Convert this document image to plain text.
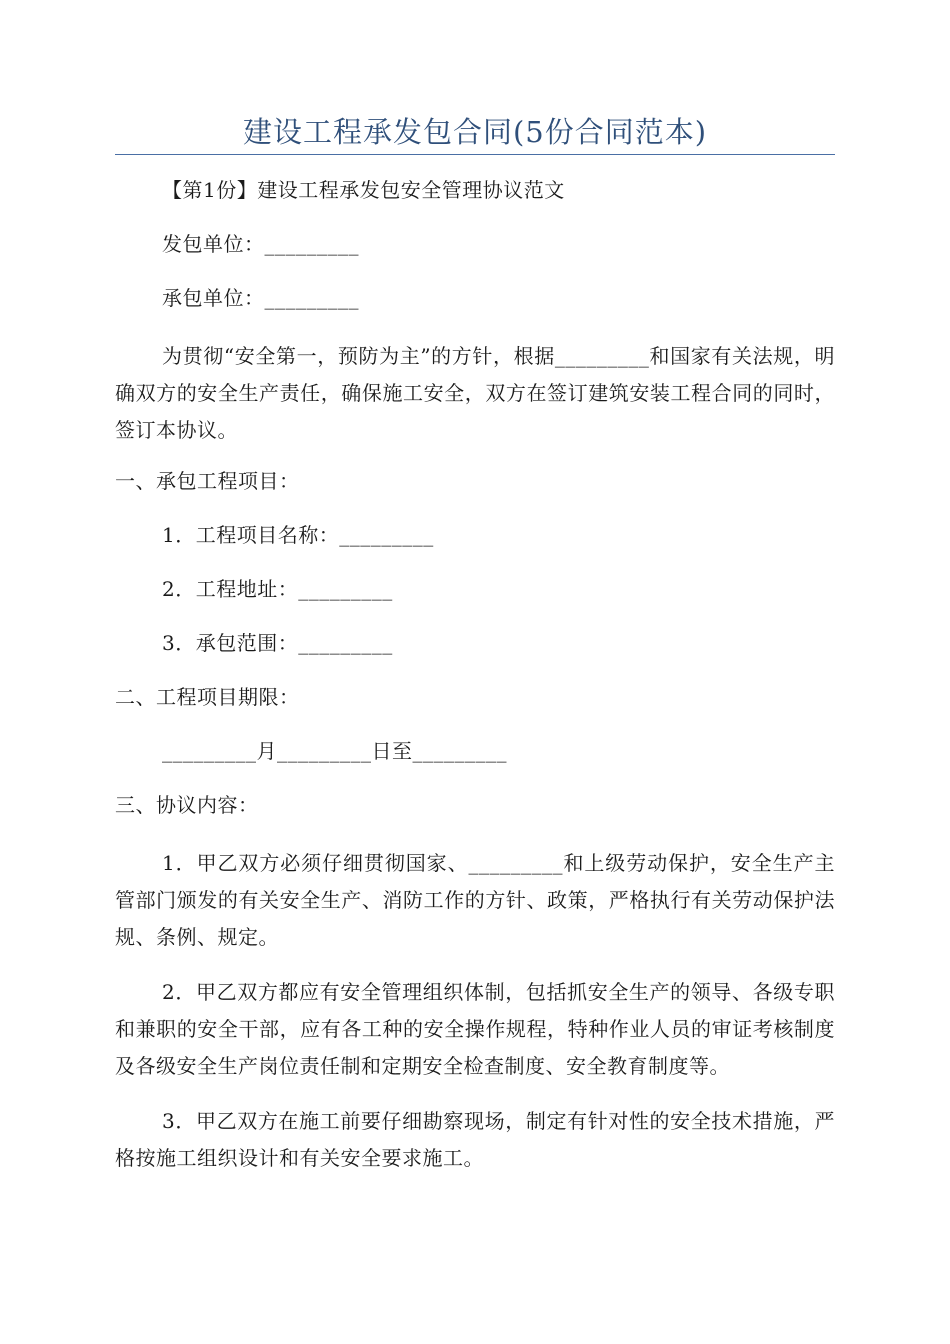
建设工程承发包合同(5份合同范本)

【第1份】建设工程承发包安全管理协议范文

发包单位：_________

承包单位：_________

为贯彻“安全第一，预防为主”的方针，根据_________和国家有关法规，明确双方的安全生产责任，确保施工安全，双方在签订建筑安装工程合同的同时，签订本协议。

一、承包工程项目：

1．工程项目名称：_________

2．工程地址：_________

3．承包范围：_________

二、工程项目期限：

_________月_________日至_________

三、协议内容：

1．甲乙双方必须仔细贯彻国家、_________和上级劳动保护，安全生产主管部门颁发的有关安全生产、消防工作的方针、政策，严格执行有关劳动保护法规、条例、规定。

2．甲乙双方都应有安全管理组织体制，包括抓安全生产的领导、各级专职和兼职的安全干部，应有各工种的安全操作规程，特种作业人员的审证考核制度及各级安全生产岗位责任制和定期安全检查制度、安全教育制度等。

3．甲乙双方在施工前要仔细勘察现场，制定有针对性的安全技术措施，严格按施工组织设计和有关安全要求施工。
